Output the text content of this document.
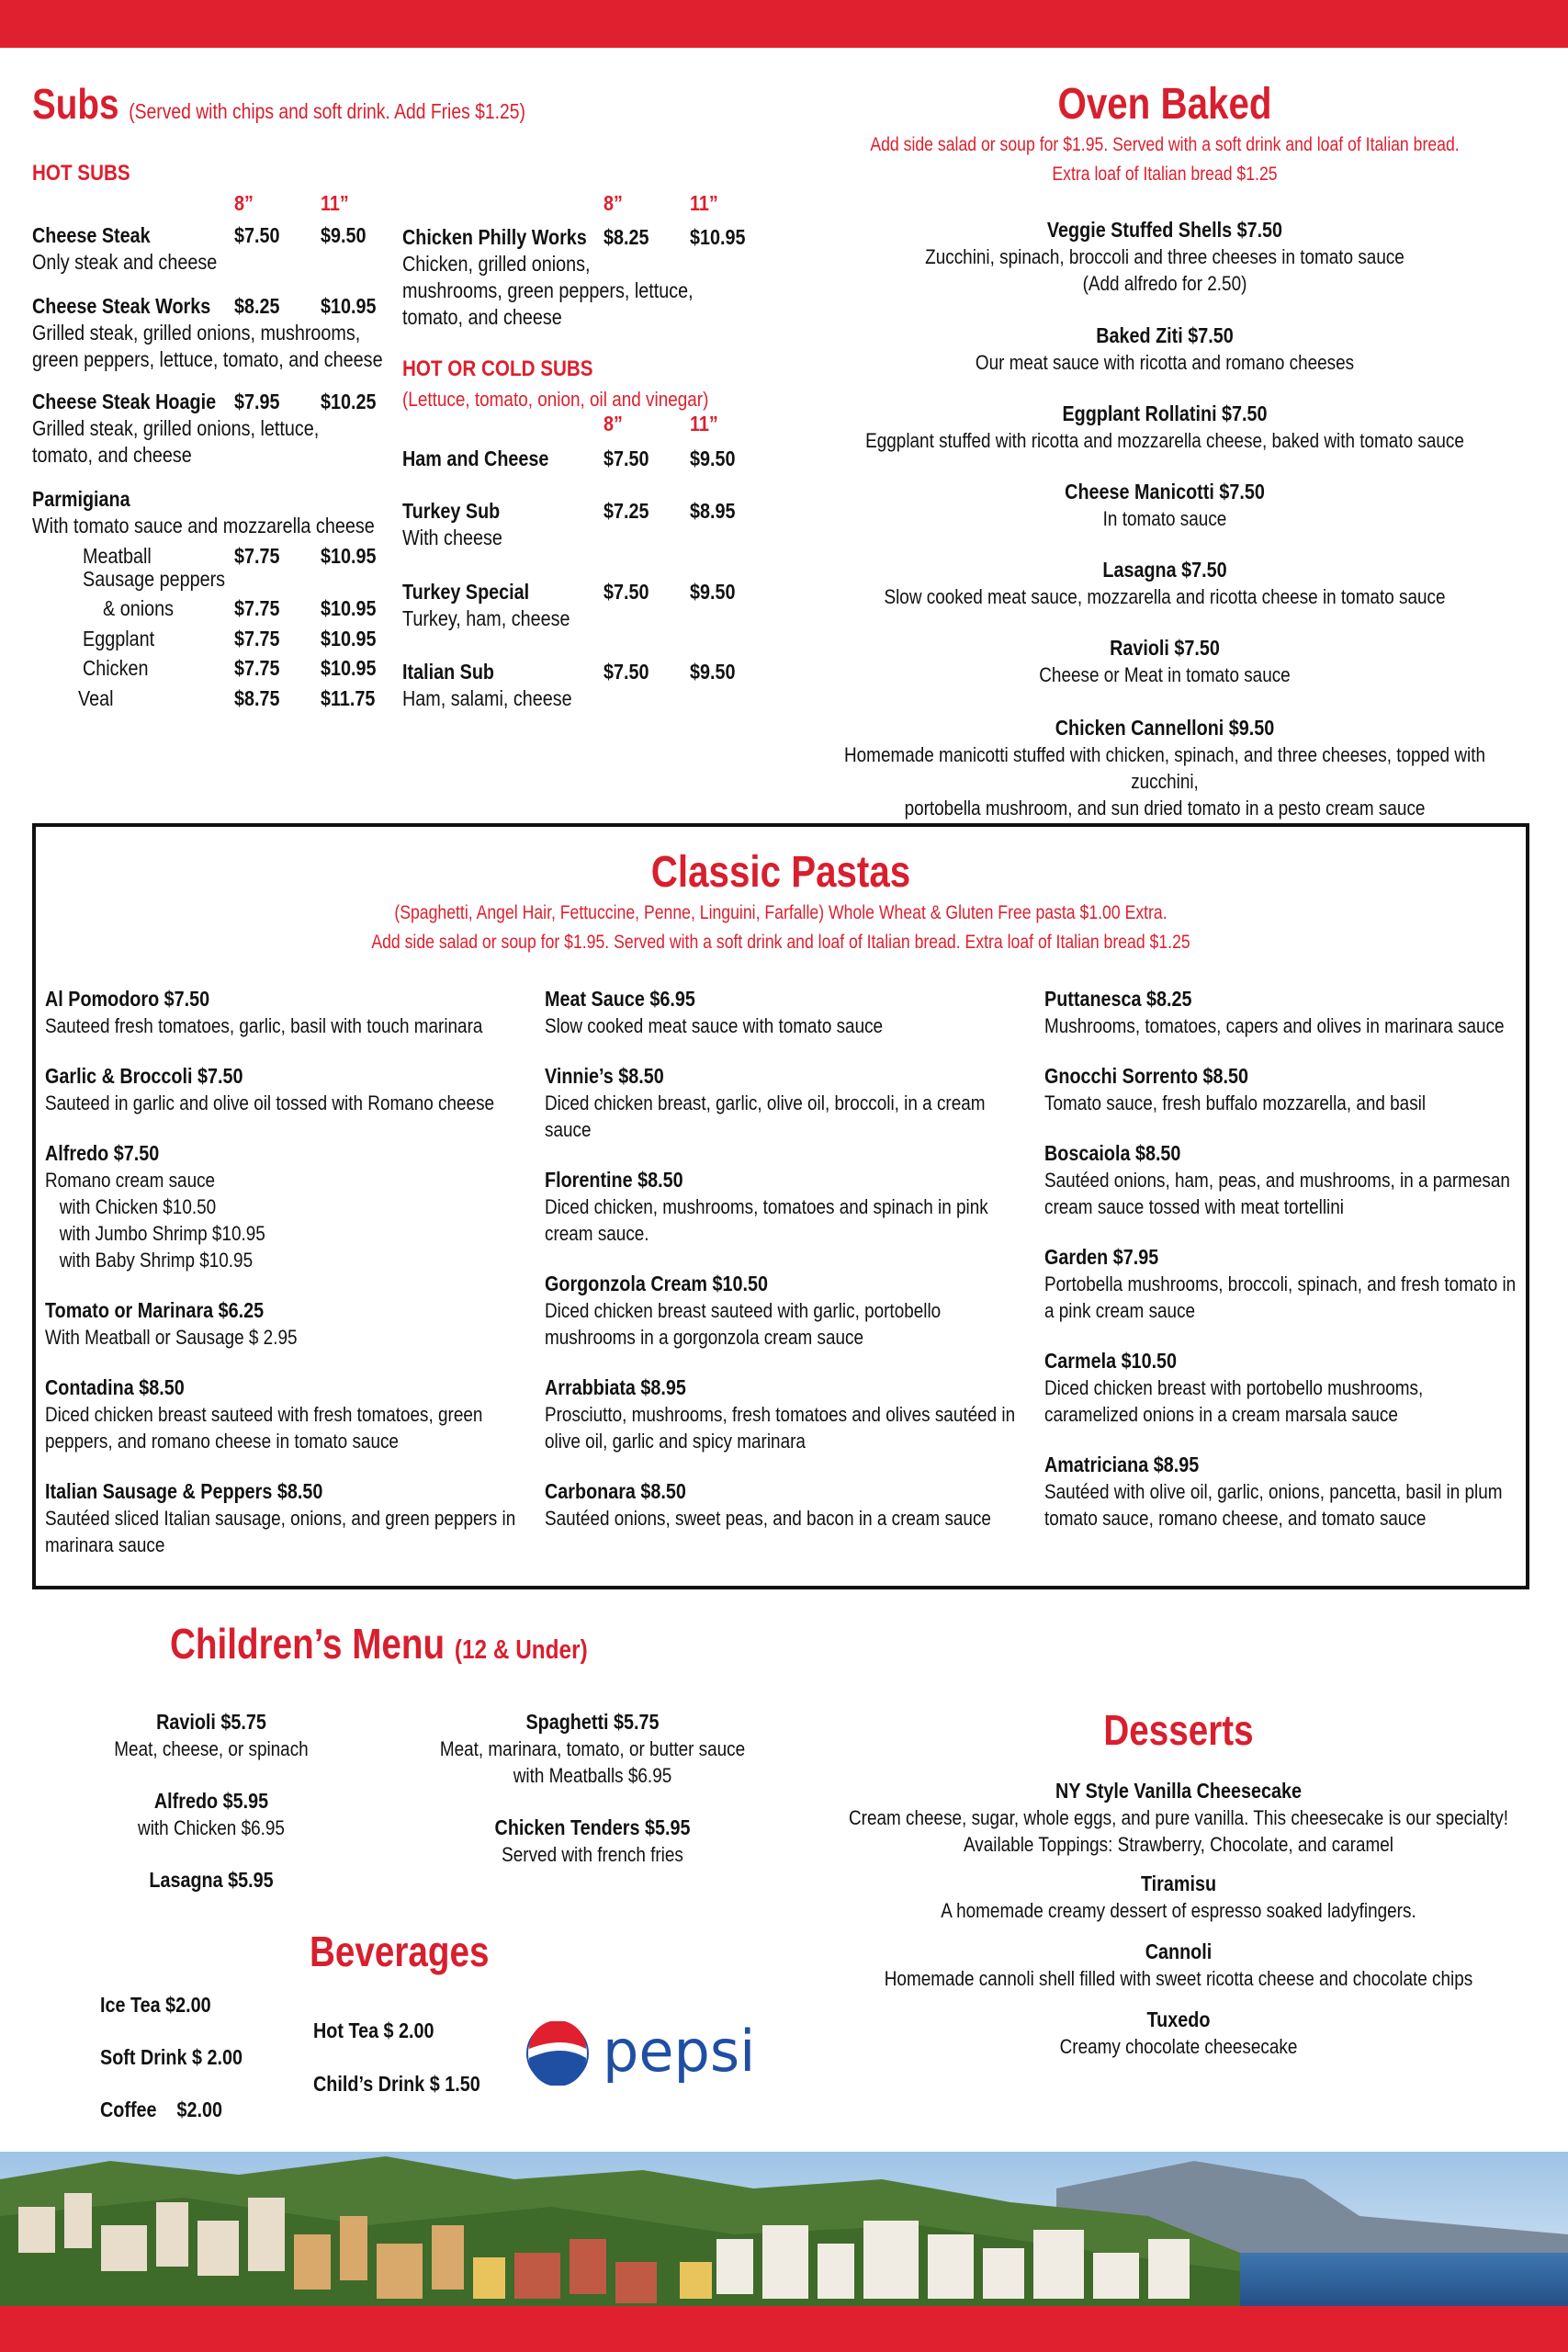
Subs (Served with chips and soft drink. Add Fries $1.25)
HOT SUBS
8”	11”
Cheese Steak	$7.50 $9.50
Only steak and cheese
Cheese Steak Works $8.25 $10.95
Grilled steak, grilled onions, mushrooms,
green peppers, lettuce, tomato, and cheese
Cheese Steak Hoagie $7.95 $10.25
Grilled steak, grilled onions, lettuce,
tomato, and cheese
Parmigiana
With tomato sauce and mozzarella cheese
Meatball	$7.75 $10.95
Sausage peppers
& onions	$7.75 $10.95
Eggplant	$7.75 $10.95
Chicken	$7.75 $10.95
Veal	$8.75 $11.75
8”	11”
Chicken Philly Works $8.25 $10.95
Chicken, grilled onions,
mushrooms, green peppers, lettuce,
tomato, and cheese
HOT OR COLD SUBS
(Lettuce, tomato, onion, oil and vinegar)
8”	11”
Ham and Cheese	$7.50 $9.50
Turkey Sub	$7.25 $8.95
With cheese
Turkey Special	$7.50 $9.50
Turkey, ham, cheese
Italian Sub	$7.50 $9.50
Ham, salami, cheese
Oven Baked
Add side salad or soup for $1.95. Served with a soft drink and loaf of Italian bread.
Extra loaf of Italian bread $1.25
Veggie Stuffed Shells $7.50
Zucchini, spinach, broccoli and three cheeses in tomato sauce
(Add alfredo for 2.50)
Baked Ziti $7.50
Our meat sauce with ricotta and romano cheeses
Eggplant Rollatini $7.50
Eggplant stuffed with ricotta and mozzarella cheese, baked with tomato sauce
Cheese Manicotti $7.50
In tomato sauce
Lasagna $7.50
Slow cooked meat sauce, mozzarella and ricotta cheese in tomato sauce
Ravioli $7.50
Cheese or Meat in tomato sauce
Chicken Cannelloni $9.50
Homemade manicotti stuffed with chicken, spinach, and three cheeses, topped with zucchini,
portobella mushroom, and sun dried tomato in a pesto cream sauce
Classic Pastas
(Spaghetti, Angel Hair, Fettuccine, Penne, Linguini, Farfalle) Whole Wheat & Gluten Free pasta $1.00 Extra.
Add side salad or soup for $1.95. Served with a soft drink and loaf of Italian bread. Extra loaf of Italian bread $1.25
Al Pomodoro $7.50
Sauteed fresh tomatoes, garlic, basil with touch marinara
Garlic & Broccoli $7.50
Sauteed in garlic and olive oil tossed with Romano cheese
Alfredo $7.50
Romano cream sauce
with Chicken $10.50
with Jumbo Shrimp $10.95
with Baby Shrimp $10.95
Tomato or Marinara $6.25
With Meatball or Sausage $ 2.95
Contadina $8.50
Diced chicken breast sauteed with fresh tomatoes, green
peppers, and romano cheese in tomato sauce
Italian Sausage & Peppers $8.50
Sautéed sliced Italian sausage, onions, and green peppers in
marinara sauce
Meat Sauce $6.95
Slow cooked meat sauce with tomato sauce
Vinnie’s $8.50
Diced chicken breast, garlic, olive oil, broccoli, in a cream
sauce
Florentine $8.50
Diced chicken, mushrooms, tomatoes and spinach in pink
cream sauce.
Gorgonzola Cream $10.50
Diced chicken breast sauteed with garlic, portobello
mushrooms in a gorgonzola cream sauce
Arrabbiata $8.95
Prosciutto, mushrooms, fresh tomatoes and olives sautéed in
olive oil, garlic and spicy marinara
Carbonara $8.50
Sautéed onions, sweet peas, and bacon in a cream sauce
Puttanesca $8.25
Mushrooms, tomatoes, capers and olives in marinara sauce
Gnocchi Sorrento $8.50
Tomato sauce, fresh buffalo mozzarella, and basil
Boscaiola $8.50
Sautéed onions, ham, peas, and mushrooms, in a parmesan
cream sauce tossed with meat tortellini
Garden $7.95
Portobella mushrooms, broccoli, spinach, and fresh tomato in
a pink cream sauce
Carmela $10.50
Diced chicken breast with portobello mushrooms,
caramelized onions in a cream marsala sauce
Amatriciana $8.95
Sautéed with olive oil, garlic, onions, pancetta, basil in plum
tomato sauce, romano cheese, and tomato sauce
Children’s Menu (12 & Under)
Ravioli $5.75
Meat, cheese, or spinach
Alfredo $5.95
with Chicken $6.95
Lasagna $5.95
Spaghetti $5.75
Meat, marinara, tomato, or butter sauce
with Meatballs $6.95
Chicken Tenders $5.95
Served with french fries
Beverages
Ice Tea $2.00
Soft Drink $ 2.00
Coffee    $2.00
Hot Tea $ 2.00
Child’s Drink $ 1.50 pepsi
Desserts
NY Style Vanilla Cheesecake
Cream cheese, sugar, whole eggs, and pure vanilla. This cheesecake is our specialty!
Available Toppings: Strawberry, Chocolate, and caramel
Tiramisu
A homemade creamy dessert of espresso soaked ladyfingers.
Cannoli
Homemade cannoli shell filled with sweet ricotta cheese and chocolate chips
Tuxedo
Creamy chocolate cheesecake
